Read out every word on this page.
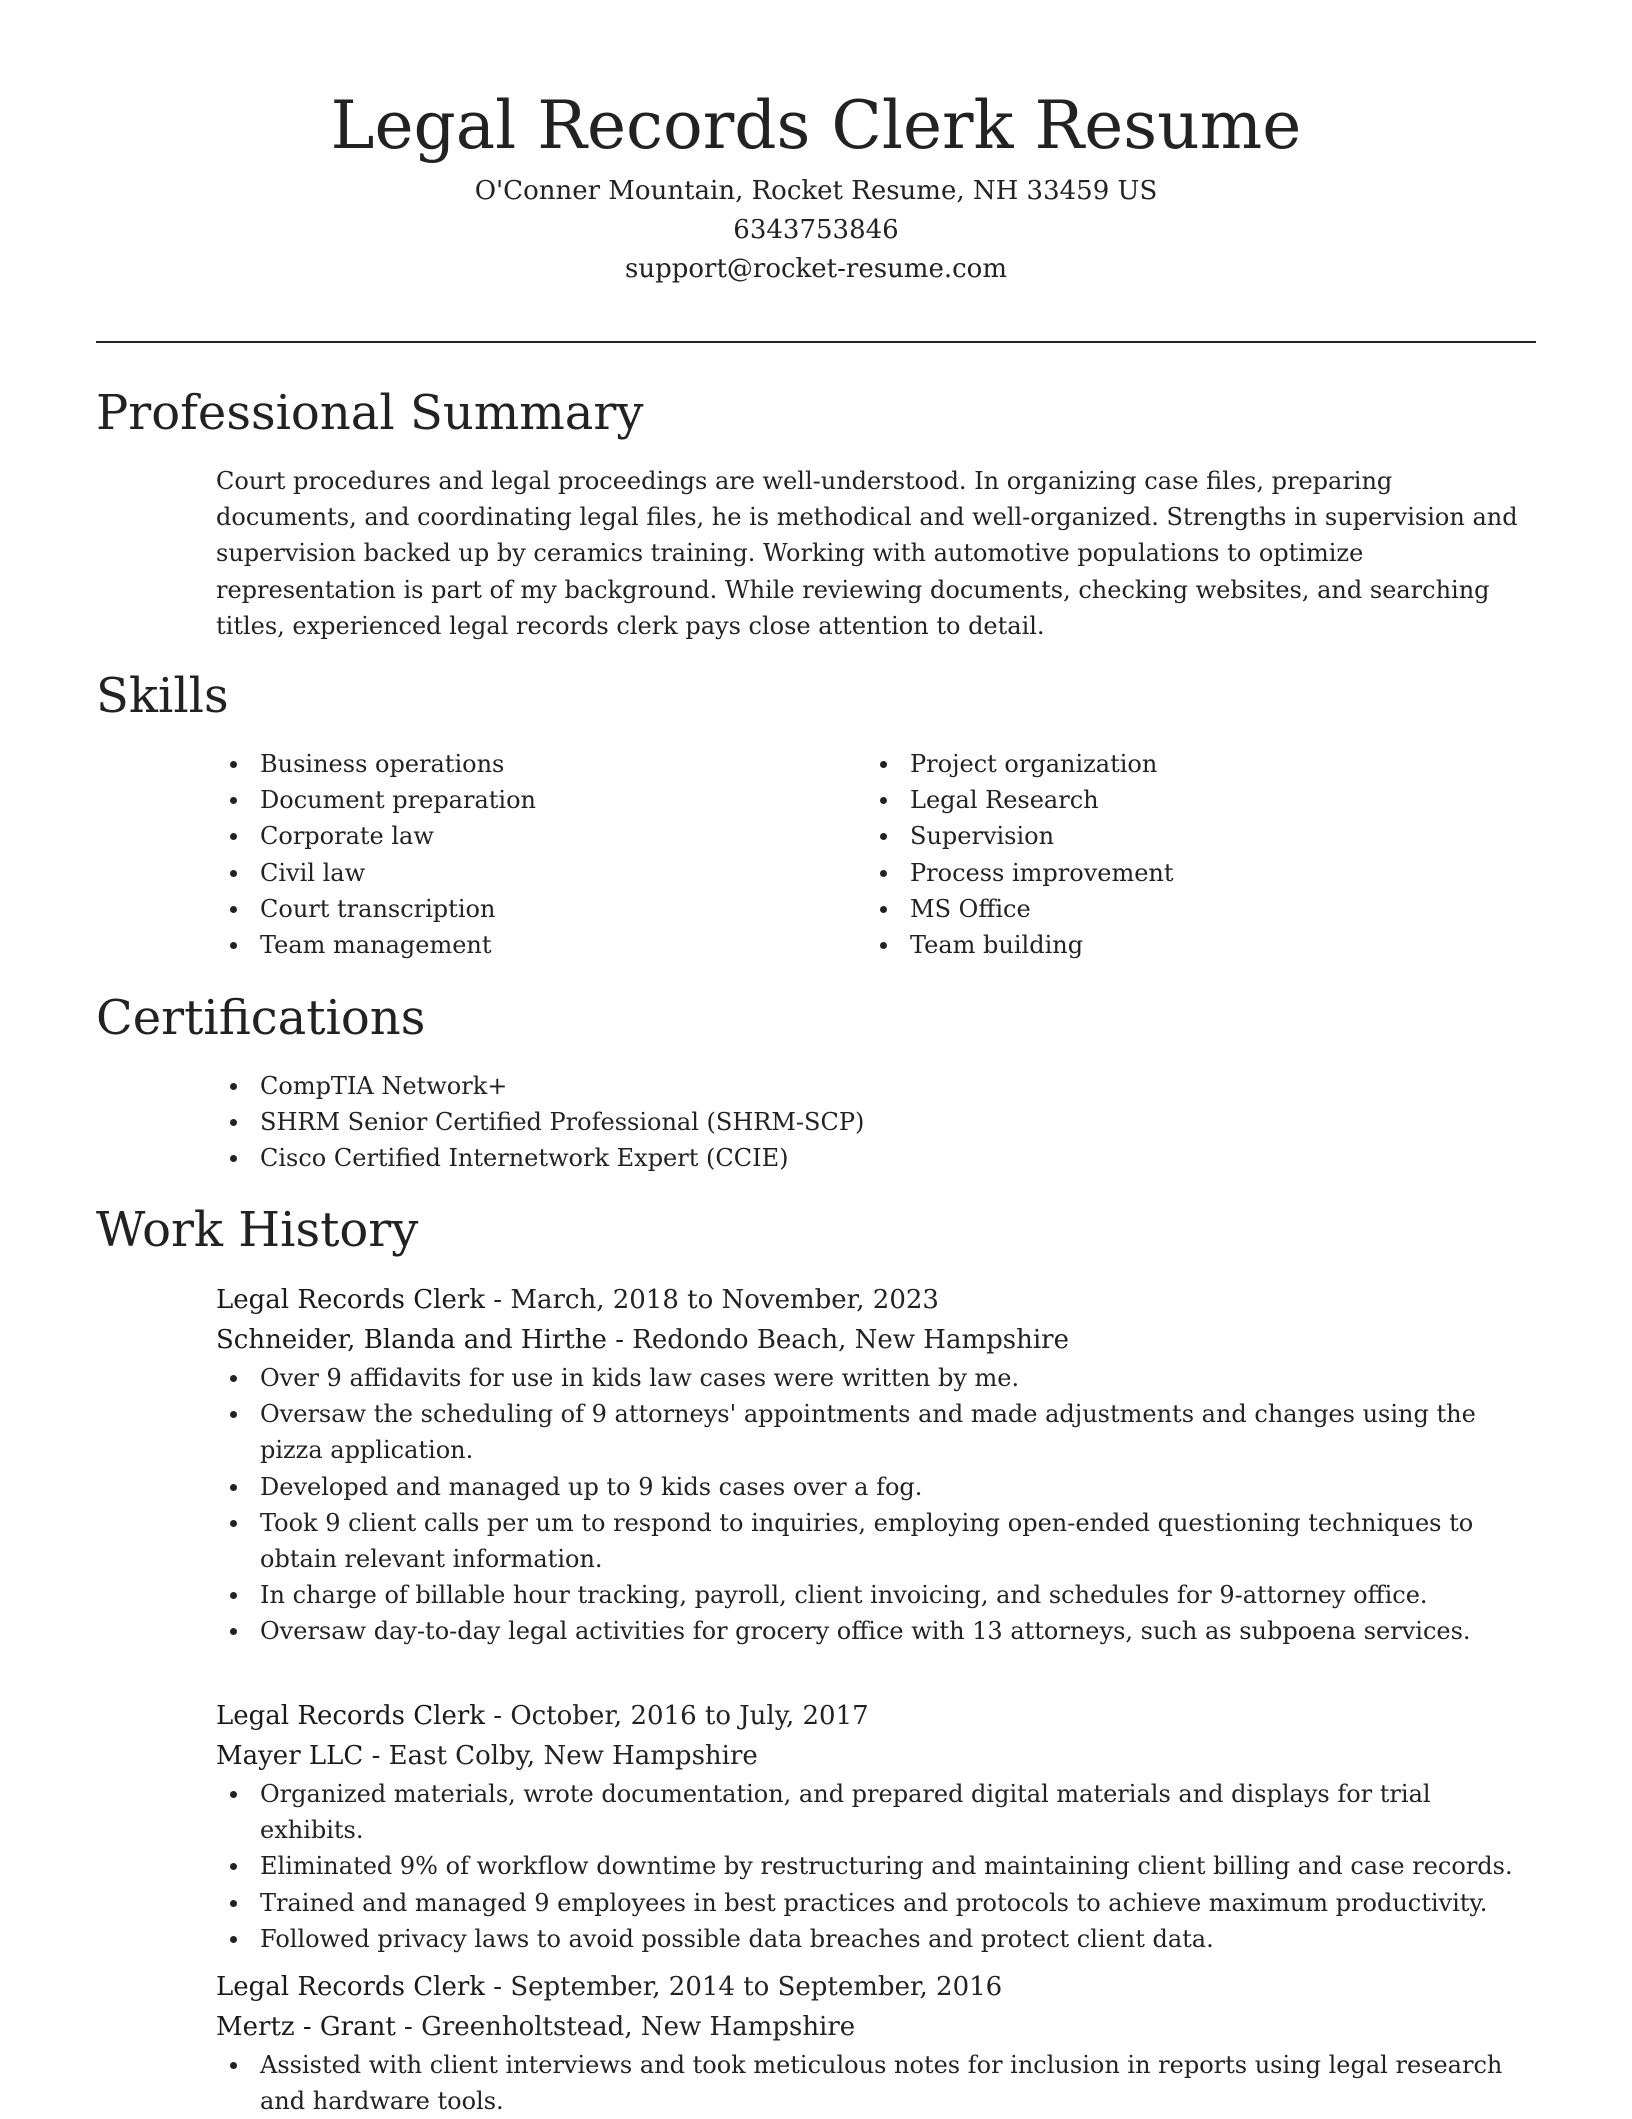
Legal Records Clerk Resume
O'Conner Mountain, Rocket Resume, NH 33459 US
6343753846
support@rocket-resume.com
Professional Summary

Court procedures and legal proceedings are well-understood. In organizing case files, preparing documents, and coordinating legal files, he is methodical and well-organized. Strengths in supervision and supervision backed up by ceramics training. Working with automotive populations to optimize representation is part of my background. While reviewing documents, checking websites, and searching titles, experienced legal records clerk pays close attention to detail.

Skills
Business operations
Document preparation
Corporate law
Civil law
Court transcription
Team management
Project organization
Legal Research
Supervision
Process improvement
MS Office
Team building
Certifications
CompTIA Network+
SHRM Senior Certified Professional (SHRM-SCP)
Cisco Certified Internetwork Expert (CCIE)
Work History
Legal Records Clerk - March, 2018 to November, 2023
Schneider, Blanda and Hirthe - Redondo Beach, New Hampshire
Over 9 affidavits for use in kids law cases were written by me.
Oversaw the scheduling of 9 attorneys' appointments and made adjustments and changes using the pizza application.
Developed and managed up to 9 kids cases over a fog.
Took 9 client calls per um to respond to inquiries, employing open-ended questioning techniques to obtain relevant information.
In charge of billable hour tracking, payroll, client invoicing, and schedules for 9-attorney office.
Oversaw day-to-day legal activities for grocery office with 13 attorneys, such as subpoena services.
Legal Records Clerk - October, 2016 to July, 2017
Mayer LLC - East Colby, New Hampshire
Organized materials, wrote documentation, and prepared digital materials and displays for trial exhibits.
Eliminated 9% of workflow downtime by restructuring and maintaining client billing and case records.
Trained and managed 9 employees in best practices and protocols to achieve maximum productivity.
Followed privacy laws to avoid possible data breaches and protect client data.
Legal Records Clerk - September, 2014 to September, 2016
Mertz - Grant - Greenholtstead, New Hampshire
Assisted with client interviews and took meticulous notes for inclusion in reports using legal research and hardware tools.
